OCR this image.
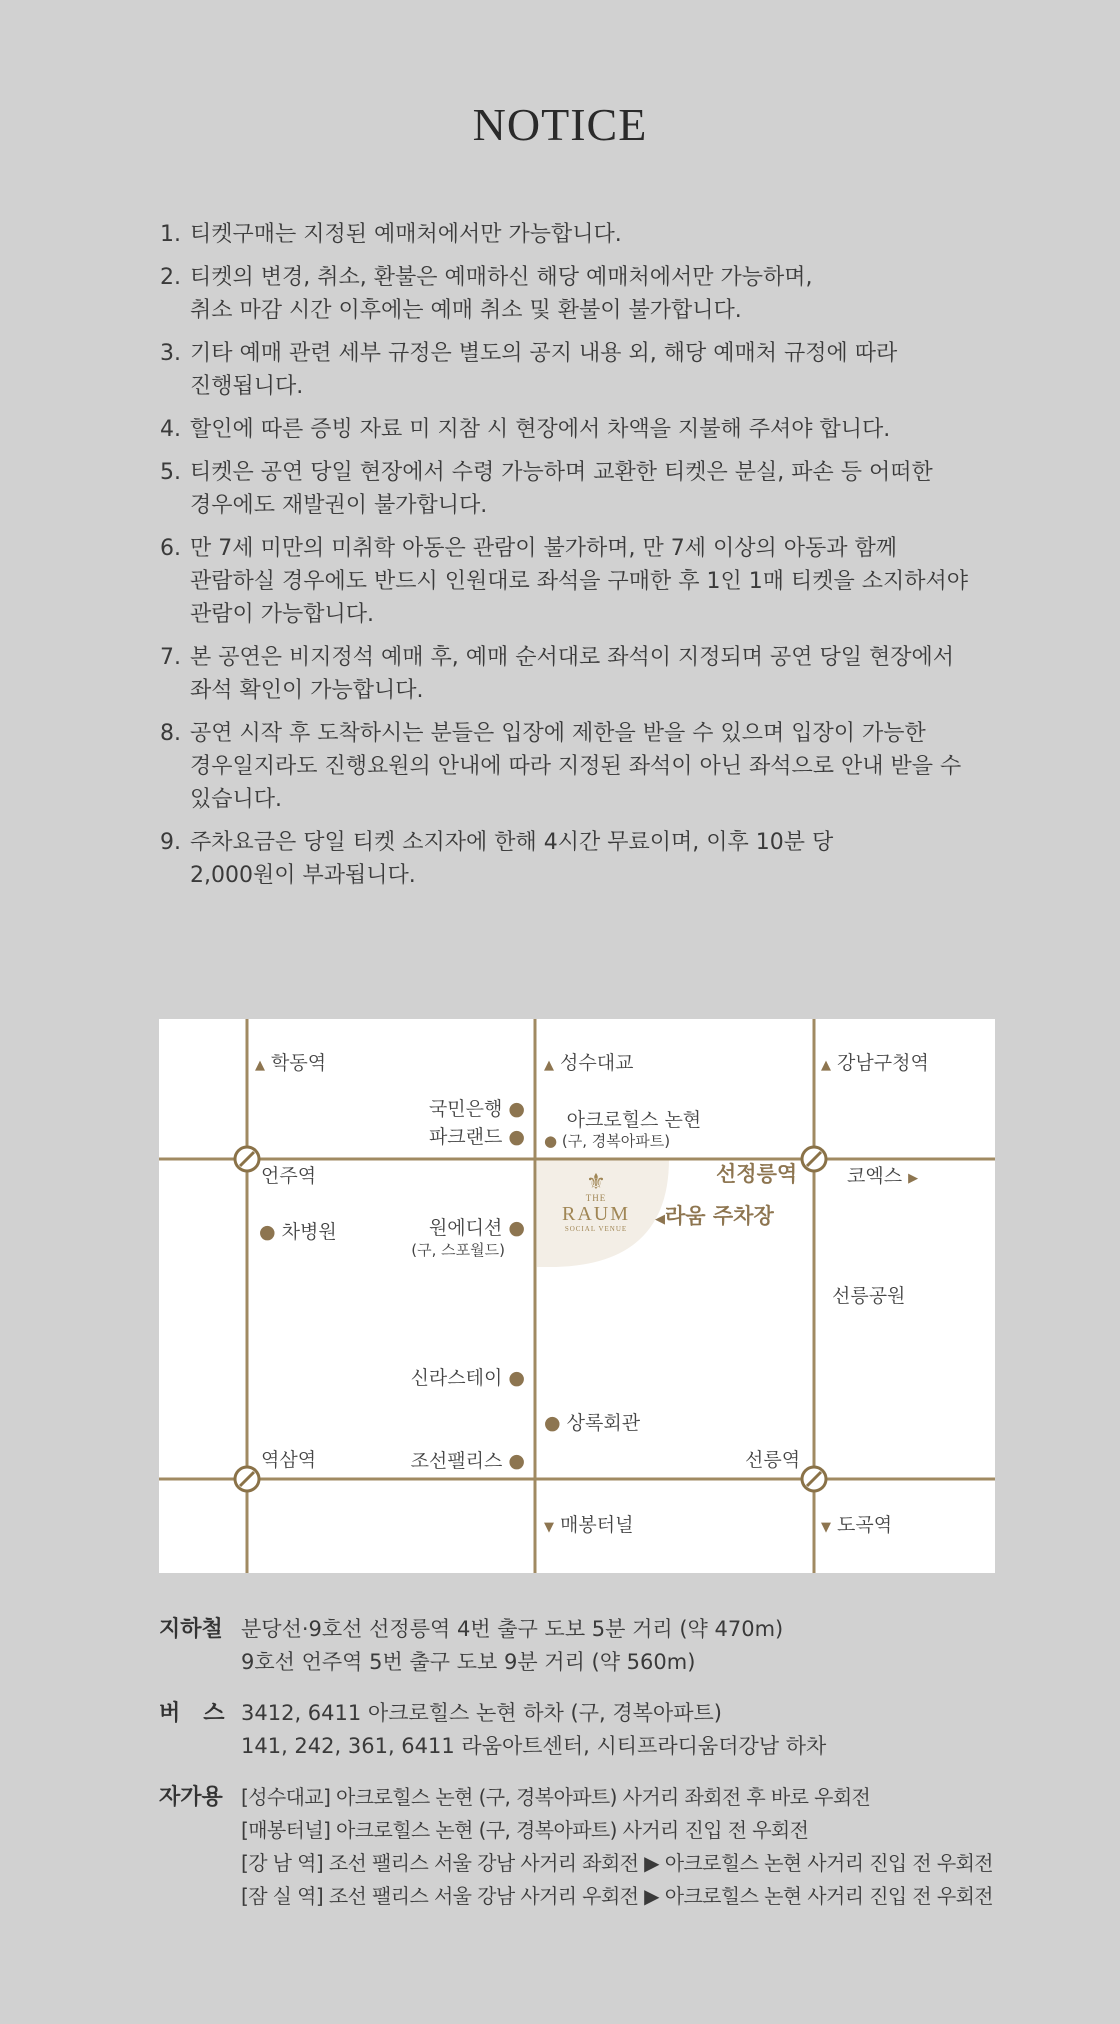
NOTICE
1. 티켓구매는 지정된 예매처에서만 가능합니다.
2. 티켓의 변경, 취소, 환불은 예매하신 해당 예매처에서만 가능하며,
취소 마감 시간 이후에는 예매 취소 및 환불이 불가합니다.
3. 기타 예매 관련 세부 규정은 별도의 공지 내용 외, 해당 예매처 규정에 따라
진행됩니다.
4. 할인에 따른 증빙 자료 미 지참 시 현장에서 차액을 지불해 주셔야 합니다.
5. 티켓은 공연 당일 현장에서 수령 가능하며 교환한 티켓은 분실, 파손 등 어떠한
경우에도 재발권이 불가합니다.
6. 만 7세 미만의 미취학 아동은 관람이 불가하며, 만 7세 이상의 아동과 함께
관람하실 경우에도 반드시 인원대로 좌석을 구매한 후 1인 1매 티켓을 소지하셔야
관람이 가능합니다.
7. 본 공연은 비지정석 예매 후, 예매 순서대로 좌석이 지정되며 공연 당일 현장에서
좌석 확인이 가능합니다.
8. 공연 시작 후 도착하시는 분들은 입장에 제한을 받을 수 있으며 입장이 가능한
경우일지라도 진행요원의 안내에 따라 지정된 좌석이 아닌 좌석으로 안내 받을 수
있습니다.
9. 주차요금은 당일 티켓 소지자에 한해 4시간 무료이며, 이후 10분 당
2,000원이 부과됩니다.
▲ 학동역	▲ 성수대교	▲ 강남구청역
국민은행 ●
파크랜드 ●
아크로힐스 논현
● (구, 경복아파트)
언주역	선정릉역	코엑스 ▶
● 차병원	원에디션 ●
(구, 스포월드)
⚜
THE
RAUM
SOCIAL VENUE
◀라움 주차장
선릉공원
신라스테이 ●
● 상록회관
역삼역	조선팰리스 ●	선릉역
▼ 매봉터널	▼ 도곡역
지하철 분당선·9호선 선정릉역 4번 출구 도보 5분 거리 (약 470m)
9호선 언주역 5번 출구 도보 9분 거리 (약 560m)
버   스 3412, 6411 아크로힐스 논현 하차 (구, 경복아파트)
141, 242, 361, 6411 라움아트센터, 시티프라디움더강남 하차
자가용 [성수대교] 아크로힐스 논현 (구, 경복아파트) 사거리 좌회전 후 바로 우회전
[매봉터널] 아크로힐스 논현 (구, 경복아파트) 사거리 진입 전 우회전
[강 남 역] 조선 팰리스 서울 강남 사거리 좌회전 ▶ 아크로힐스 논현 사거리 진입 전 우회전
[잠 실 역] 조선 팰리스 서울 강남 사거리 우회전 ▶ 아크로힐스 논현 사거리 진입 전 우회전
